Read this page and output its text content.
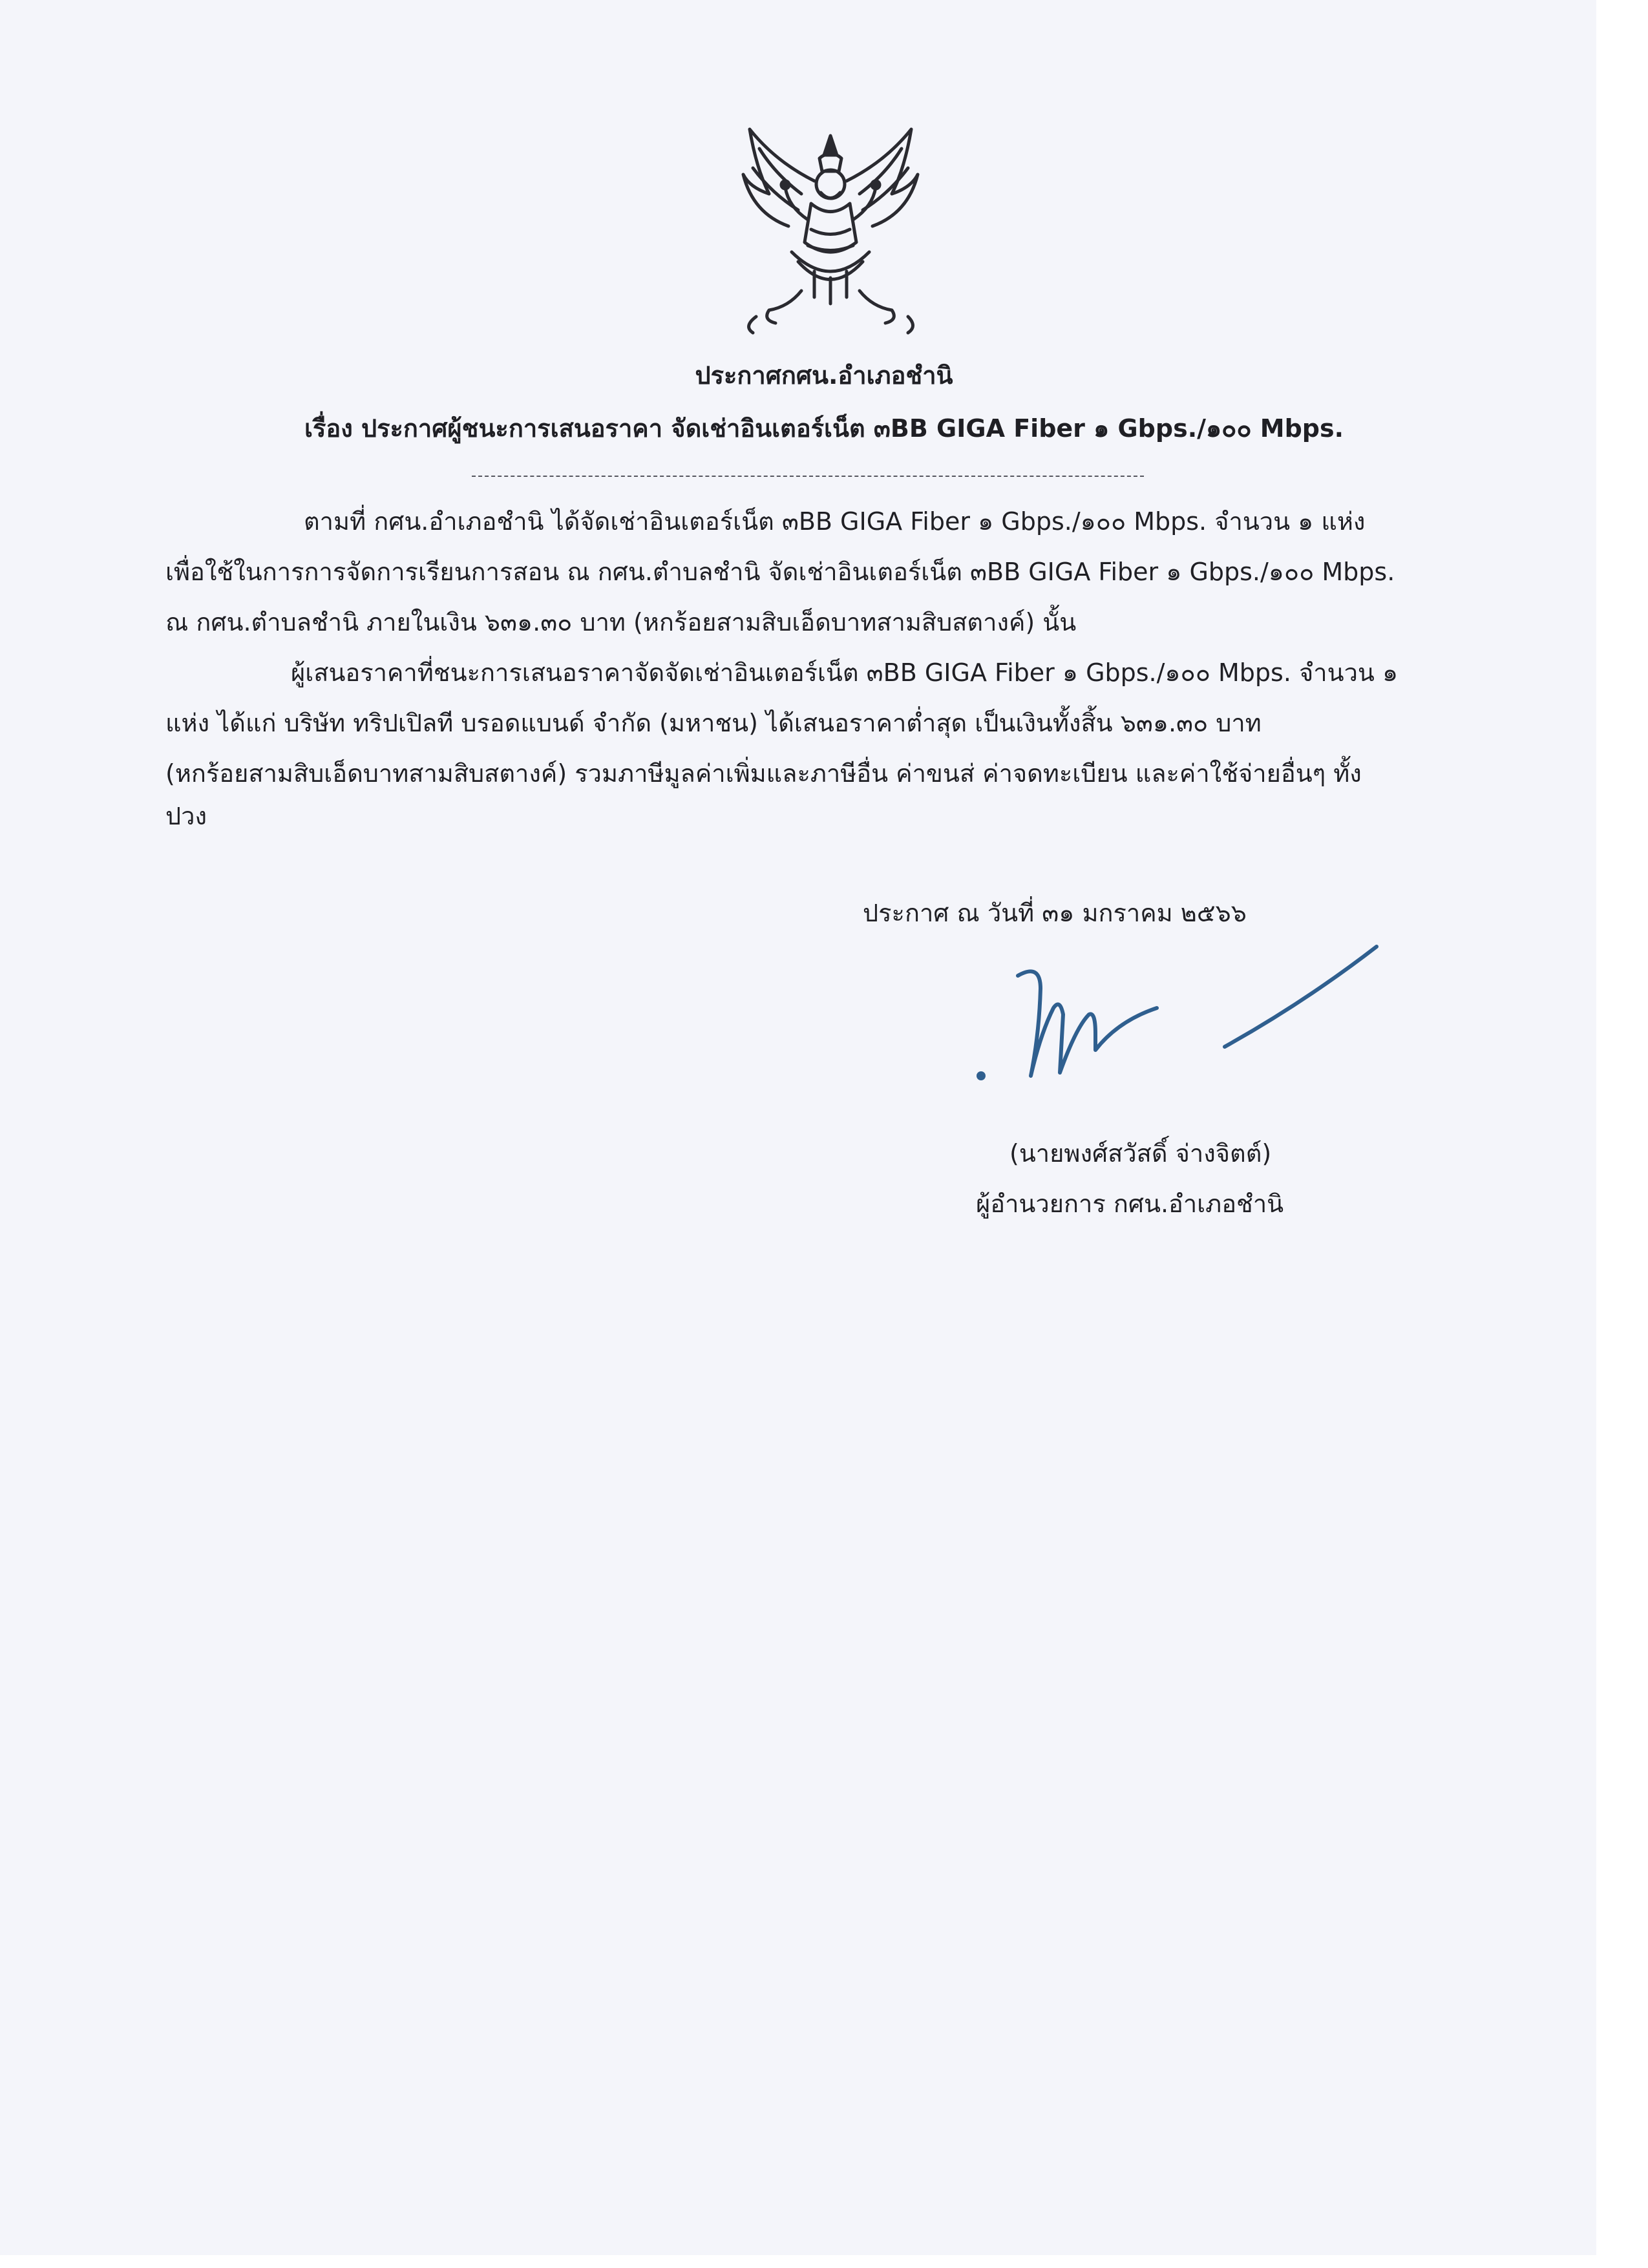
ประกาศกศน.อำเภอชำนิ
เรื่อง ประกาศผู้ชนะการเสนอราคา จัดเช่าอินเตอร์เน็ต ๓BB GIGA Fiber ๑ Gbps./๑๐๐ Mbps.
ตามที่ กศน.อำเภอชำนิ ได้จัดเช่าอินเตอร์เน็ต ๓BB GIGA Fiber ๑ Gbps./๑๐๐ Mbps. จำนวน ๑ แห่ง
เพื่อใช้ในการการจัดการเรียนการสอน ณ กศน.ตำบลชำนิ จัดเช่าอินเตอร์เน็ต ๓BB GIGA Fiber ๑ Gbps./๑๐๐ Mbps.
ณ กศน.ตำบลชำนิ ภายในเงิน ๖๓๑.๓๐ บาท (หกร้อยสามสิบเอ็ดบาทสามสิบสตางค์) นั้น
ผู้เสนอราคาที่ชนะการเสนอราคาจัดจัดเช่าอินเตอร์เน็ต ๓BB GIGA Fiber ๑ Gbps./๑๐๐ Mbps. จำนวน ๑
แห่ง ได้แก่ บริษัท ทริปเปิลที บรอดแบนด์ จำกัด (มหาชน) ได้เสนอราคาต่ำสุด เป็นเงินทั้งสิ้น ๖๓๑.๓๐ บาท
(หกร้อยสามสิบเอ็ดบาทสามสิบสตางค์) รวมภาษีมูลค่าเพิ่มและภาษีอื่น ค่าขนส่ ค่าจดทะเบียน และค่าใช้จ่ายอื่นๆ ทั้ง
ปวง
ประกาศ ณ วันที่ ๓๑ มกราคม ๒๕๖๖
(นายพงศ์สวัสดิ์ จ่างจิตต์)
ผู้อำนวยการ กศน.อำเภอชำนิ
